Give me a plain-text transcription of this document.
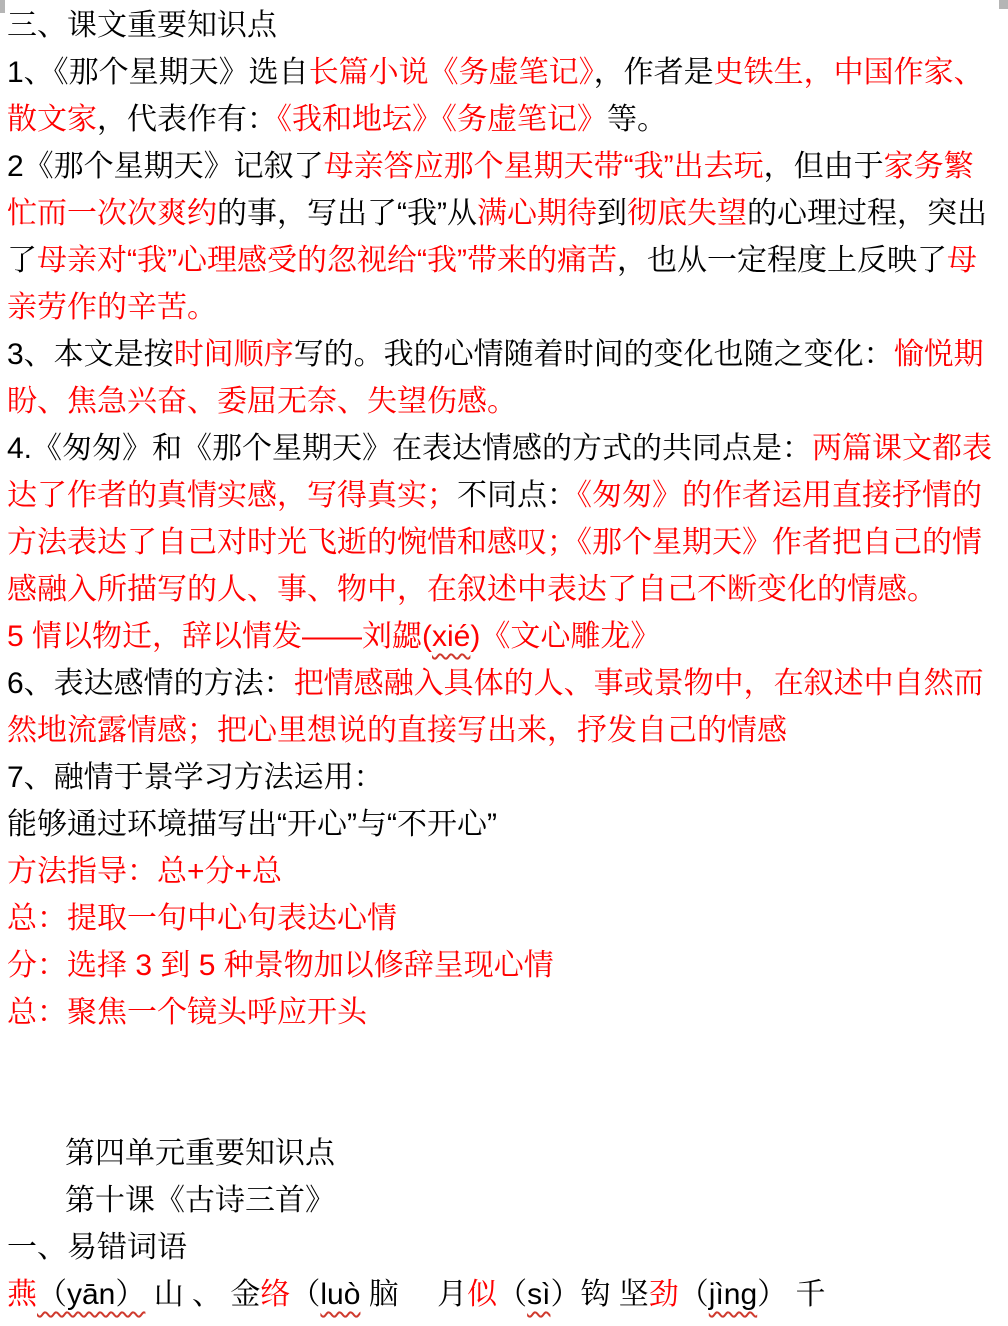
三、课文重要知识点

1、《那个星期天》选自长篇小说《务虚笔记》，作者是史铁生，中国作家、散文家，代表作有：《我和地坛》《务虚笔记》等。

2《那个星期天》记叙了母亲答应那个星期天带“我”出去玩，但由于家务繁忙而一次次爽约的事，写出了“我”从满心期待到彻底失望的心理过程，突出了母亲对“我”心理感受的忽视给“我”带来的痛苦，也从一定程度上反映了母亲劳作的辛苦。

3、本文是按时间顺序写的。我的心情随着时间的变化也随之变化：愉悦期盼、焦急兴奋、委屈无奈、失望伤感。

4.《匆匆》和《那个星期天》在表达情感的方式的共同点是：两篇课文都表达了作者的真情实感，写得真实；不同点：《匆匆》的作者运用直接抒情的方法表达了自己对时光飞逝的惋惜和感叹；《那个星期天》作者把自己的情感融入所描写的人、事、物中，在叙述中表达了自己不断变化的情感。

5 情以物迁，辞以情发——刘勰(xié)《文心雕龙》

6、表达感情的方法：把情感融入具体的人、事或景物中，在叙述中自然而然地流露情感；把心里想说的直接写出来，抒发自己的情感

7、融情于景学习方法运用：

能够通过环境描写出“开心”与“不开心”

方法指导：总+分+总

总：提取一句中心句表达心情

分：选择 3 到 5 种景物加以修辞呈现心情

总：聚焦一个镜头呼应开头

第四单元重要知识点

第十课《古诗三首》

一、易错词语

燕（yān） 山 、 金络（luò 脑　 月似（sì）钩 坚劲（jìng） 千
